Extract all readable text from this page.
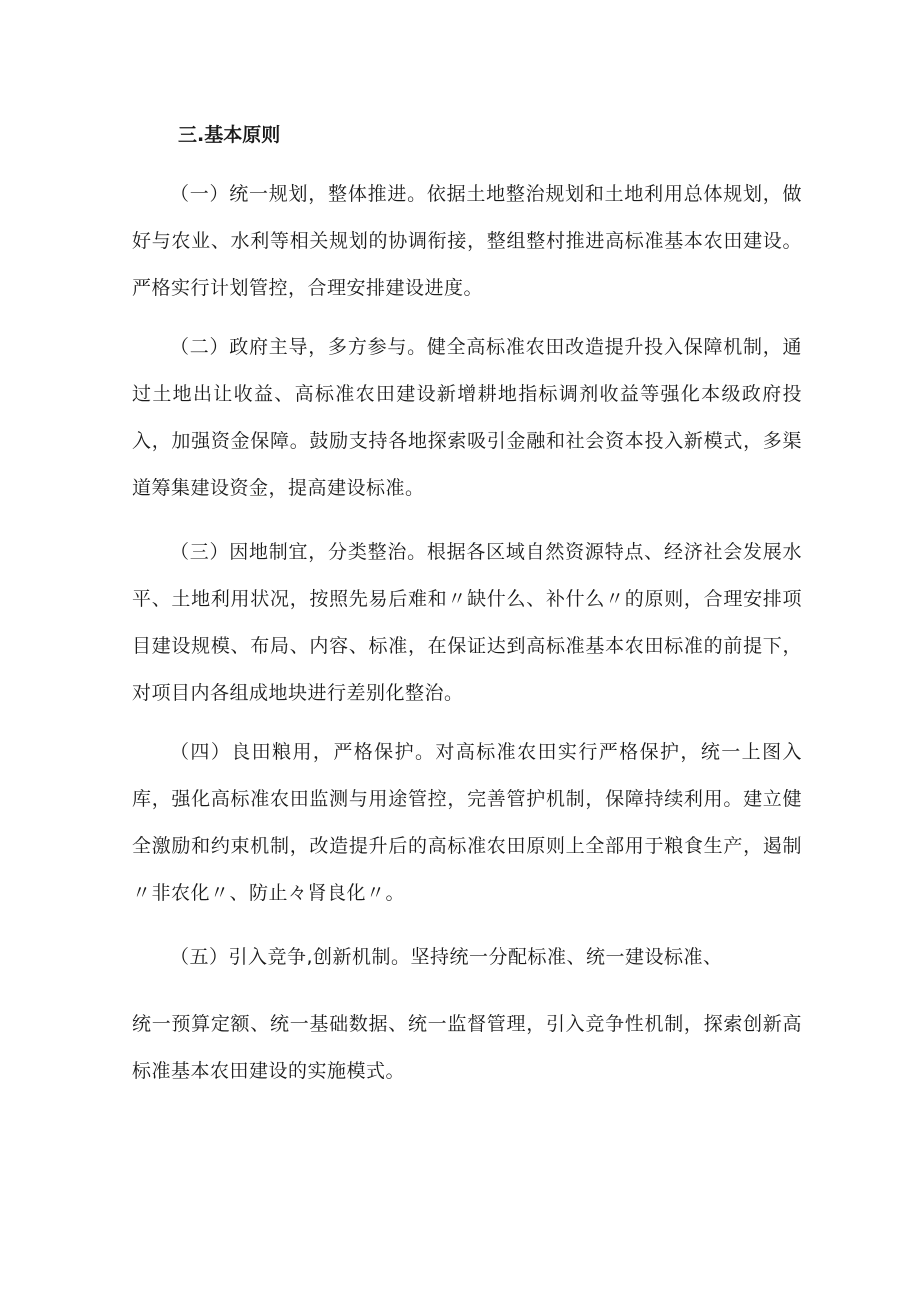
三.基本原则

（一）统一规划，整体推进。依据土地整治规划和土地利用总体规划，做好与农业、水利等相关规划的协调衔接，整组整村推进高标准基本农田建设。严格实行计划管控，合理安排建设进度。

（二）政府主导，多方参与。健全高标准农田改造提升投入保障机制，通过土地出让收益、高标准农田建设新增耕地指标调剂收益等强化本级政府投入，加强资金保障。鼓励支持各地探索吸引金融和社会资本投入新模式，多渠道筹集建设资金，提高建设标准。

（三）因地制宜，分类整治。根据各区域自然资源特点、经济社会发展水平、土地利用状况，按照先易后难和〃缺什么、补什么〃的原则，合理安排项目建设规模、布局、内容、标准，在保证达到高标准基本农田标准的前提下，对项目内各组成地块进行差别化整治。

（四）良田粮用，严格保护。对高标准农田实行严格保护，统一上图入库，强化高标准农田监测与用途管控，完善管护机制，保障持续利用。建立健全激励和约束机制，改造提升后的高标准农田原则上全部用于粮食生产，遏制〃非农化〃、防止々肾良化〃。

（五）引入竞争,创新机制。坚持统一分配标准、统一建设标准、

统一预算定额、统一基础数据、统一监督管理，引入竞争性机制，探索创新高标准基本农田建设的实施模式。
